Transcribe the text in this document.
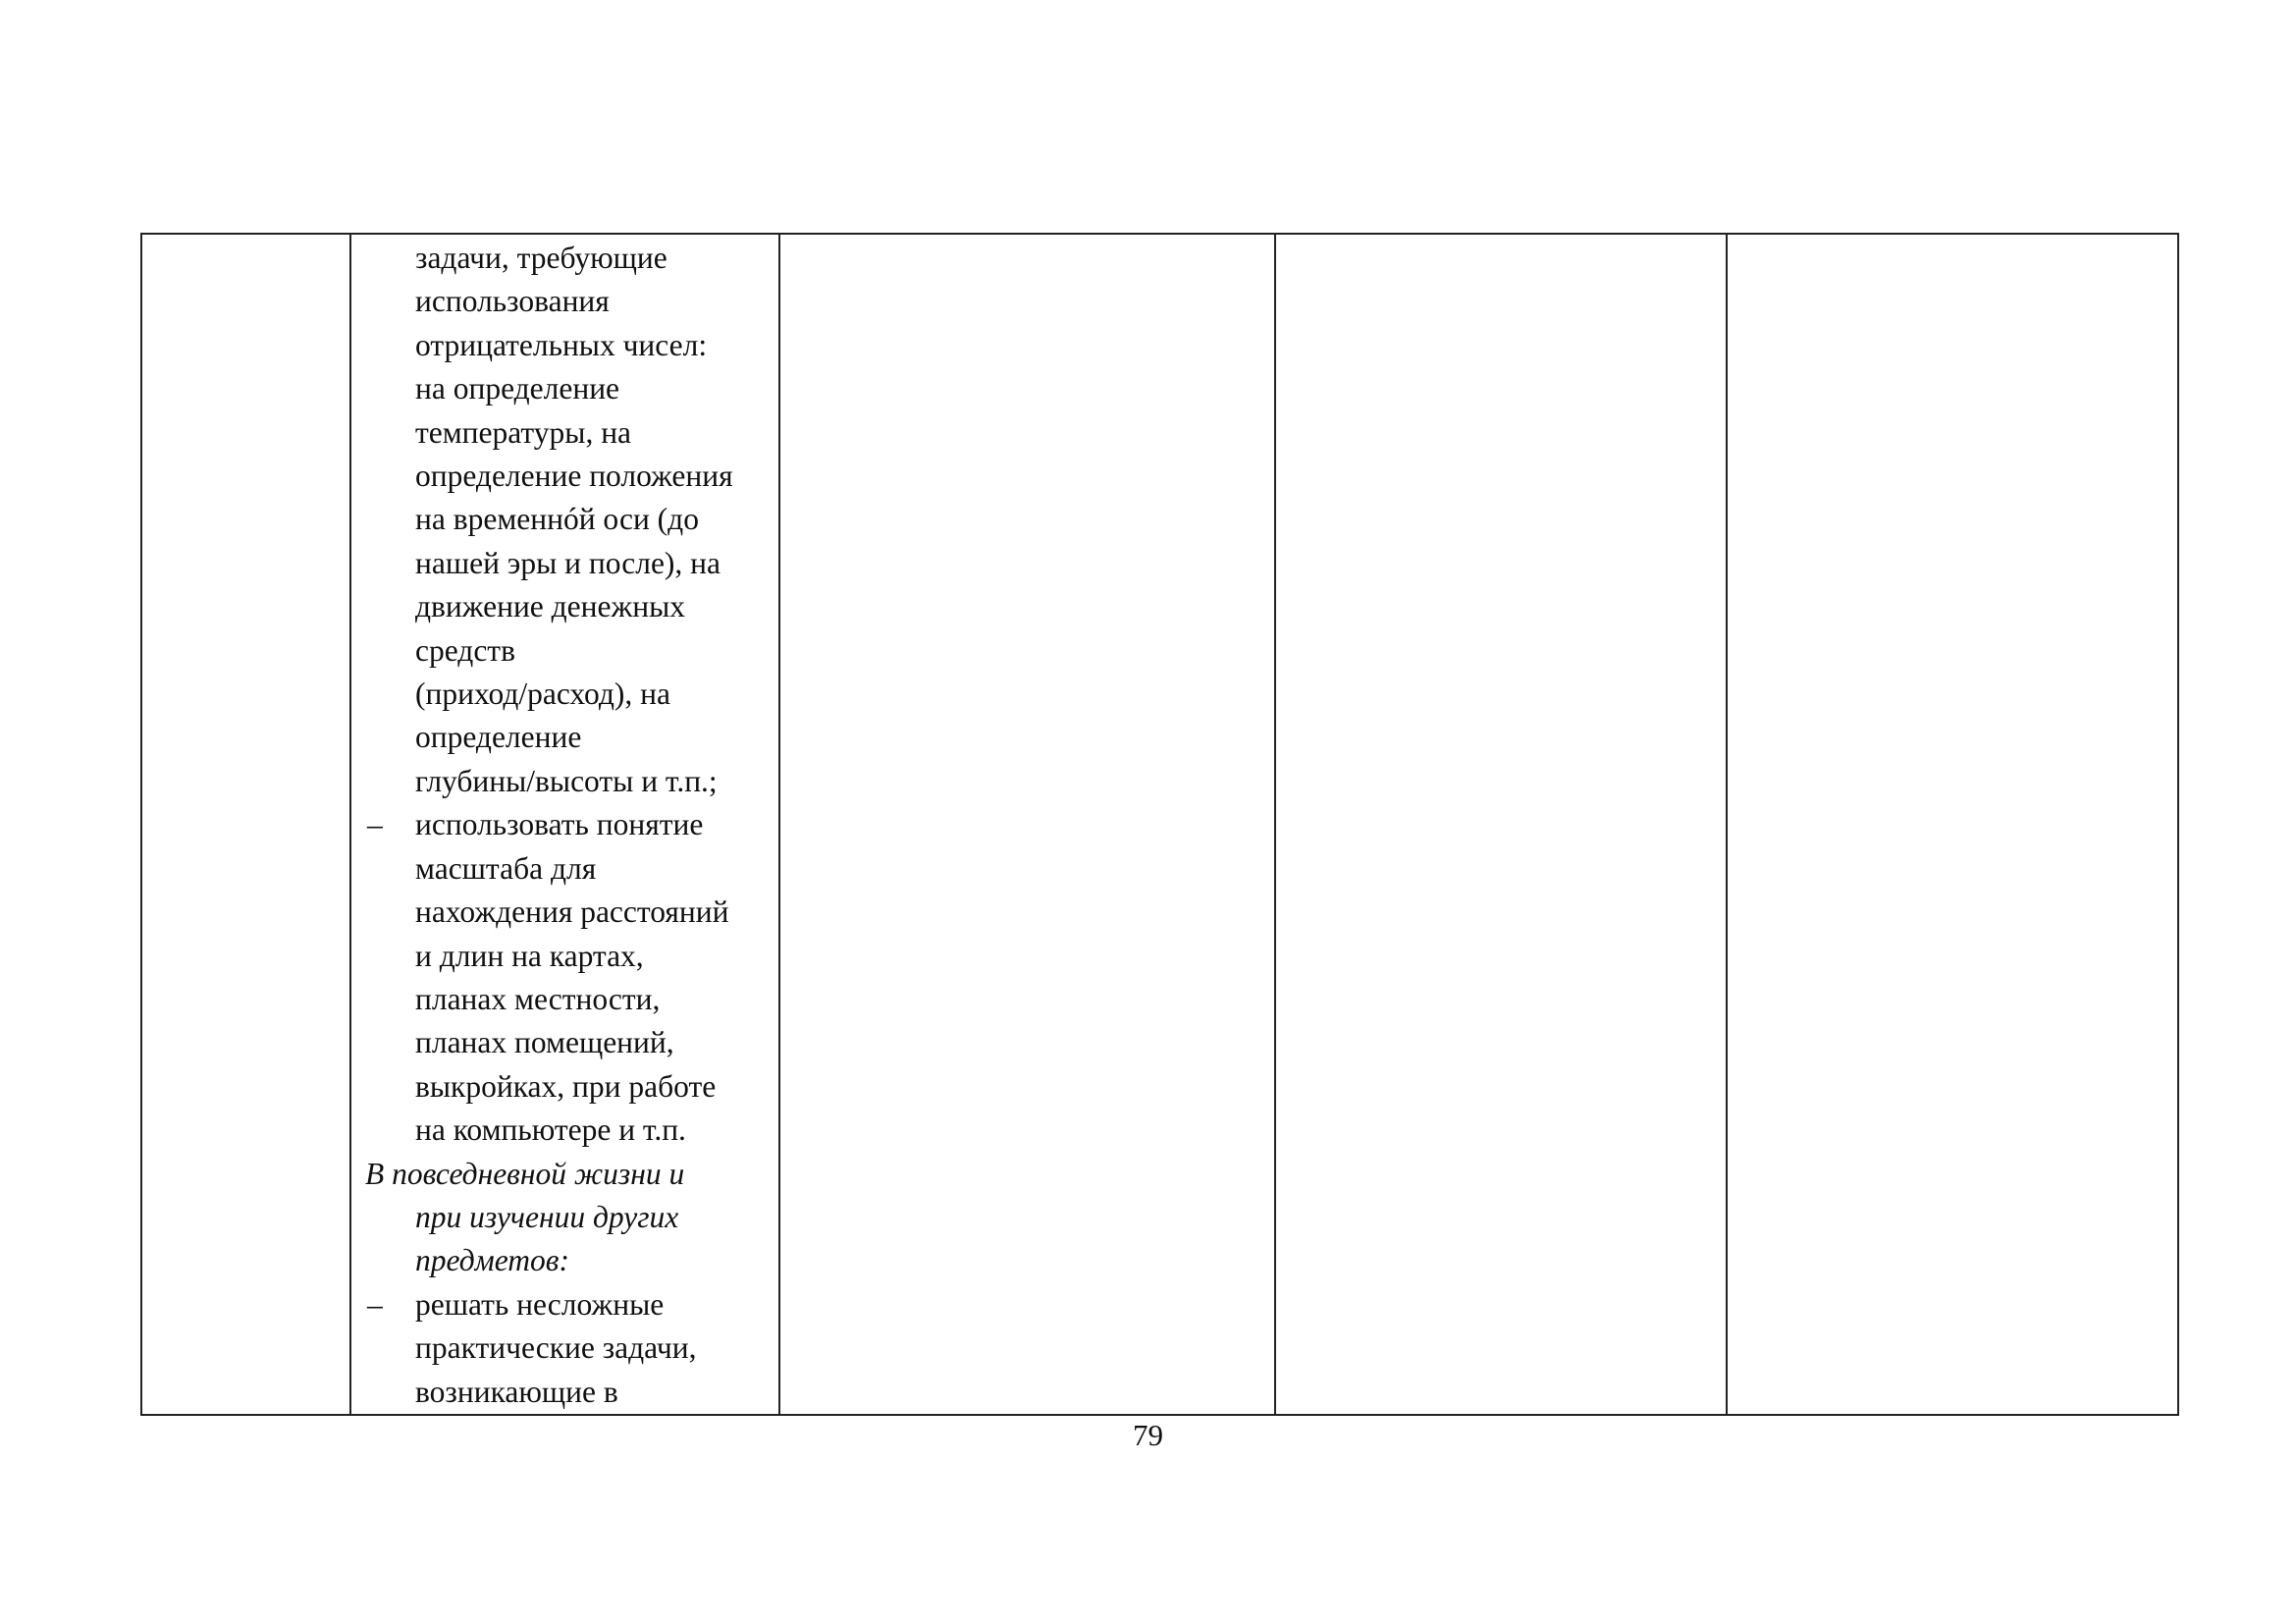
задачи, требующие
использования
отрицательных чисел:
на определение
температуры, на
определение положения
на временнóй оси (до
нашей эры и после), на
движение денежных
средств
(приход/расход), на
определение
глубины/высоты и т.п.;
– использовать понятие
масштаба для
нахождения расстояний
и длин на картах,
планах местности,
планах помещений,
выкройках, при работе
на компьютере и т.п.
В повседневной жизни и
при изучении других
предметов:
– решать несложные
практические задачи,
возникающие в

79
